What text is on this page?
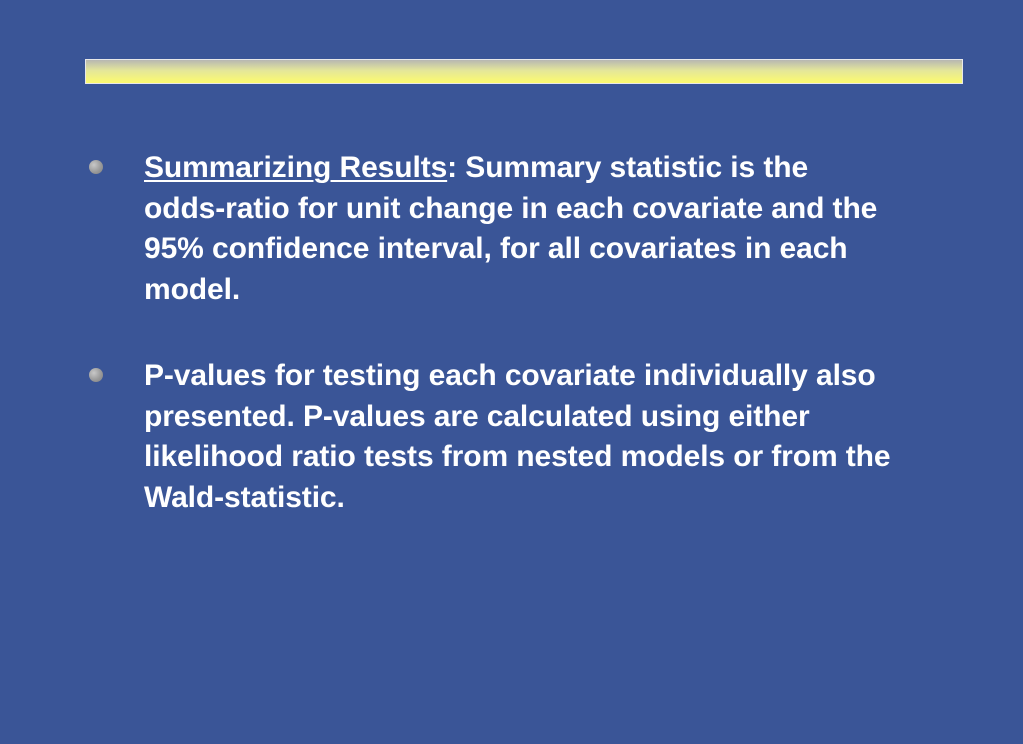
Summarizing Results: Summary statistic is the
odds-ratio for unit change in each covariate and the
95% confidence interval, for all covariates in each
model.
P-values for testing each covariate individually also
presented. P-values are calculated using either
likelihood ratio tests from nested models or from the
Wald-statistic.
